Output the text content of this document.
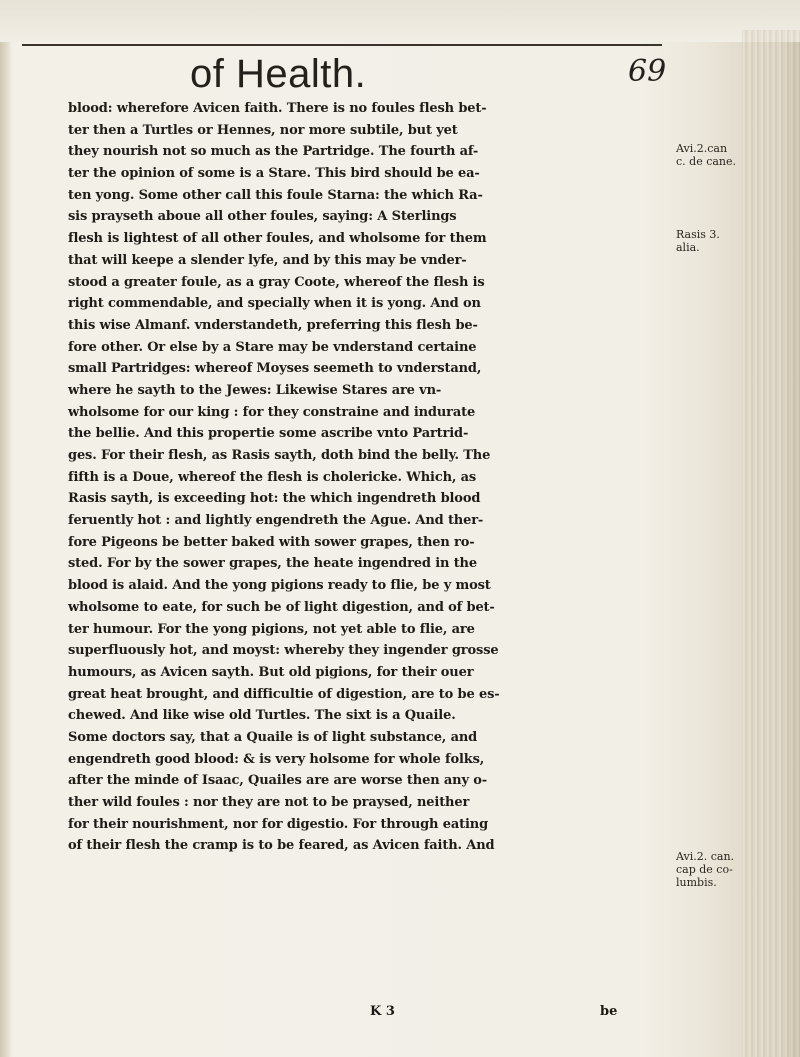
of Health.	69
blood: wherefore Avicen faith. There is no foules flesh bet-
ter then a Turtles or Hennes, nor more subtile, but yet
they nourish not so much as the Partridge. The fourth af-
ter the opinion of some is a Stare. This bird should be ea-
ten yong. Some other call this foule Starna: the which Ra-
sis prayseth aboue all other foules, saying: A Sterlings
flesh is lightest of all other foules, and wholsome for them
that will keepe a slender lyfe, and by this may be vnder-
stood a greater foule, as a gray Coote, whereof the flesh is
right commendable, and specially when it is yong. And on
this wise Almanf. vnderstandeth, preferring this flesh be-
fore other. Or else by a Stare may be vnderstand certaine
small Partridges: whereof Moyses seemeth to vnderstand,
where he sayth to the Jewes: Likewise Stares are vn-
wholsome for our king : for they constraine and indurate
the bellie. And this propertie some ascribe vnto Partrid-
ges. For their flesh, as Rasis sayth, doth bind the belly. The
fifth is a Doue, whereof the flesh is cholericke. Which, as
Rasis sayth, is exceeding hot: the which ingendreth blood
feruently hot : and lightly engendreth the Ague. And ther-
fore Pigeons be better baked with sower grapes, then ro-
sted. For by the sower grapes, the heate ingendred in the
blood is alaid. And the yong pigions ready to flie, be y most
wholsome to eate, for such be of light digestion, and of bet-
ter humour. For the yong pigions, not yet able to flie, are
superfluously hot, and moyst: whereby they ingender grosse
humours, as Avicen sayth. But old pigions, for their ouer
great heat brought, and difficultie of digestion, are to be es-
chewed. And like wise old Turtles. The sixt is a Quaile.
Some doctors say, that a Quaile is of light substance, and
engendreth good blood: & is very holsome for whole folks,
after the minde of Isaac, Quailes are are worse then any o-
ther wild foules : nor they are not to be praysed, neither
for their nourishment, nor for digestio. For through eating
of their flesh the cramp is to be feared, as Avicen faith. And
Avi.2.can
c. de cane.
Rasis 3.
alia.
Avi.2. can.
cap de co-
lumbis.
K 3	be
